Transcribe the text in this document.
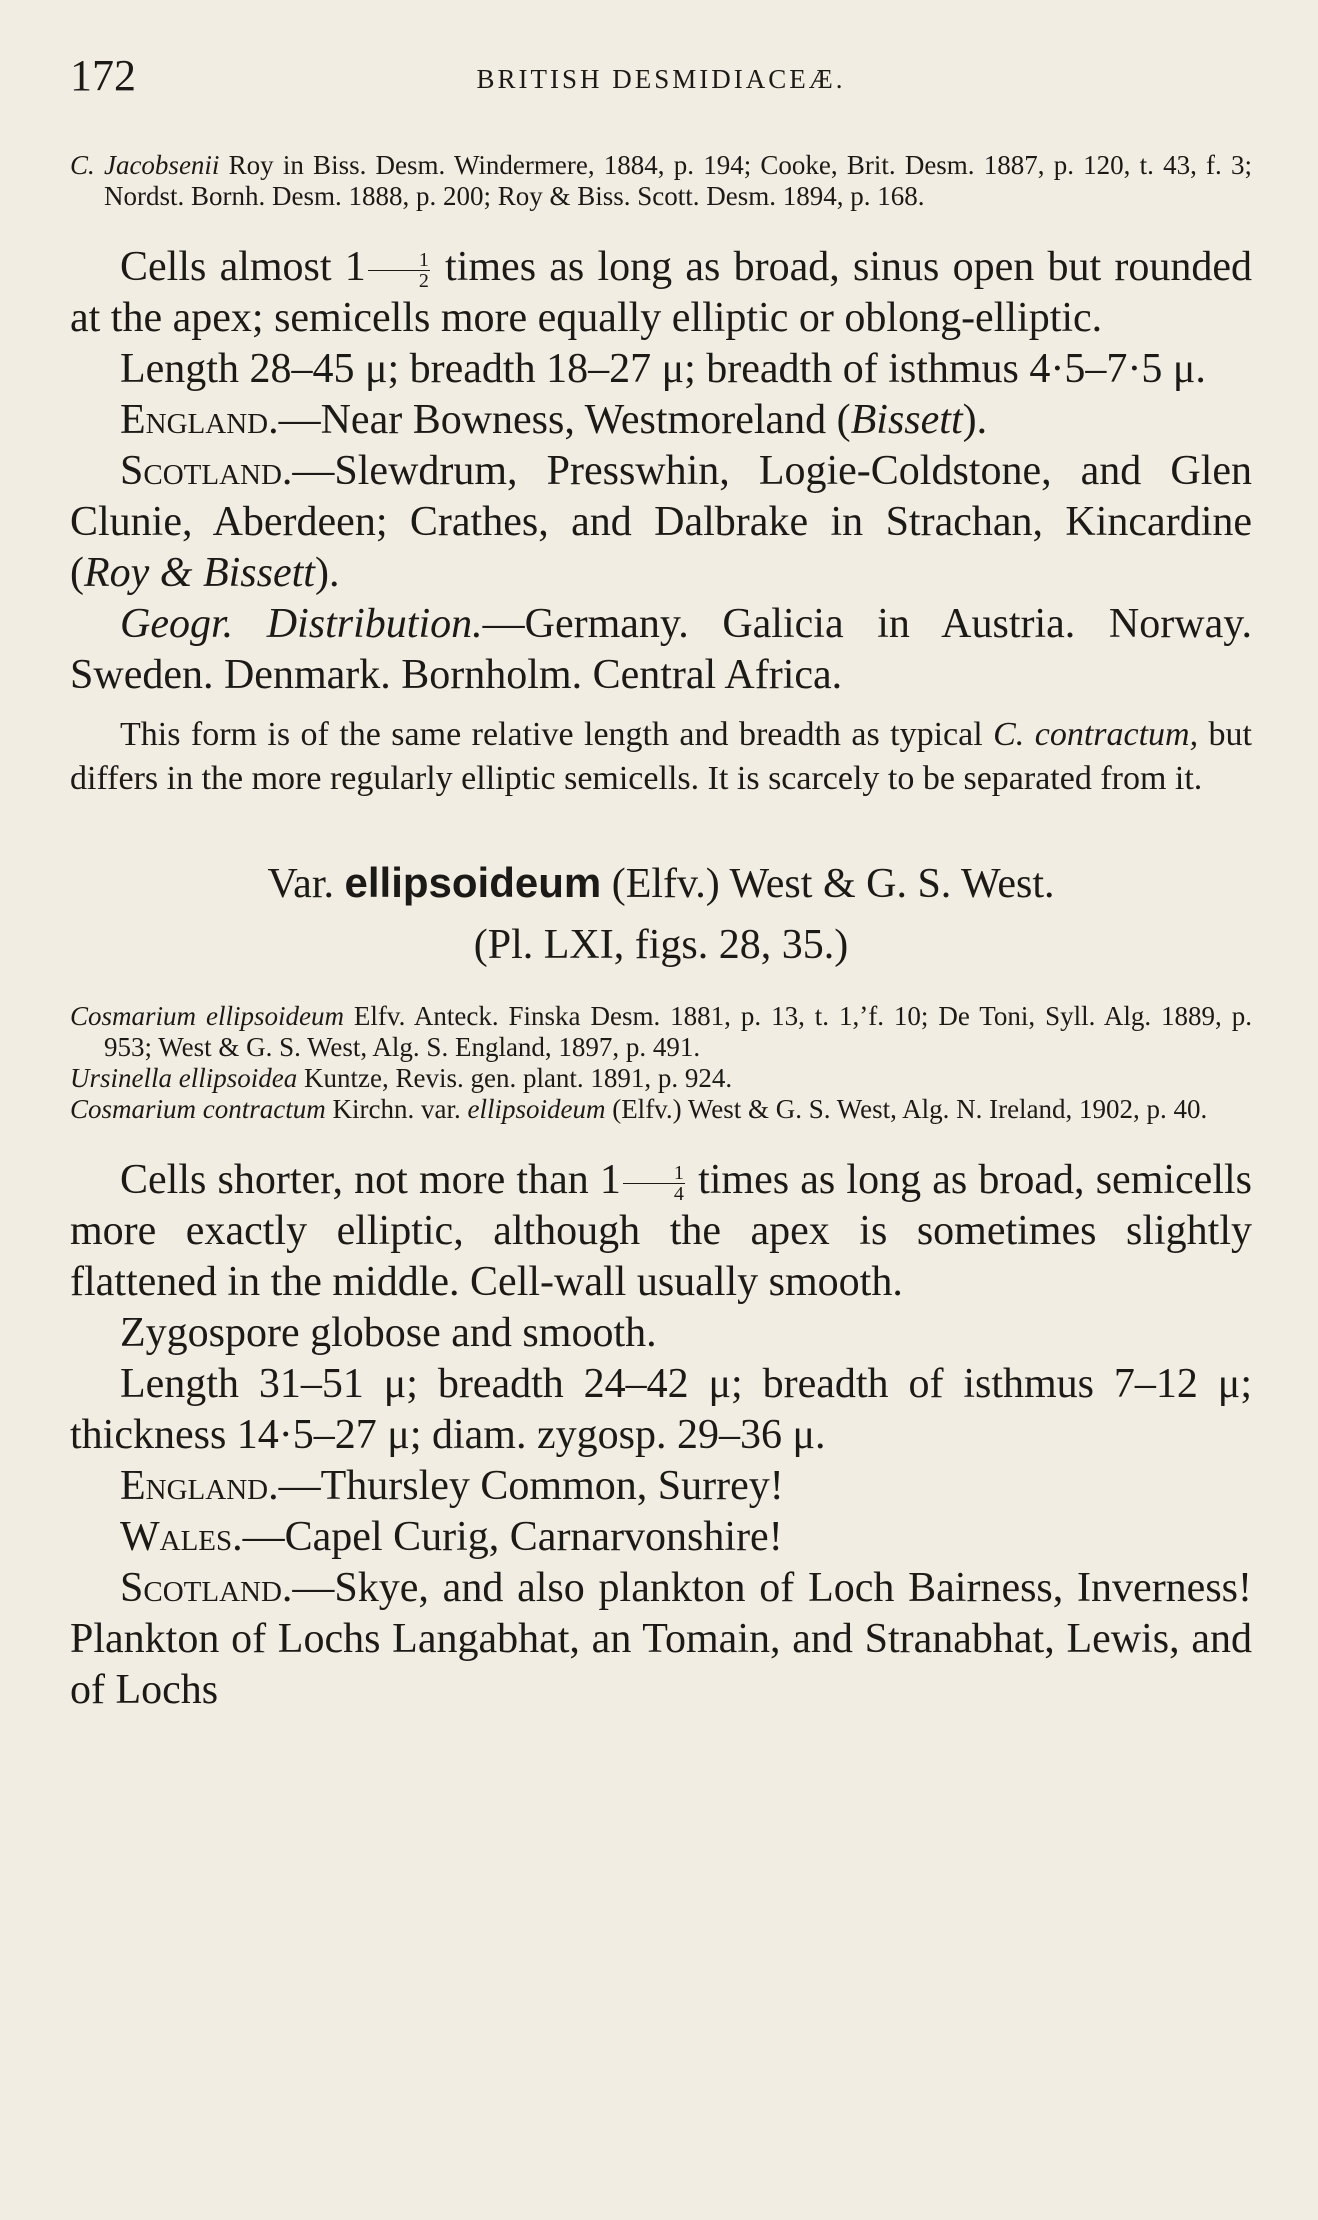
172	BRITISH DESMIDIACEÆ.

C. Jacobsenii Roy in Biss. Desm. Windermere, 1884, p. 194; Cooke, Brit. Desm. 1887, p. 120, t. 43, f. 3; Nordst. Bornh. Desm. 1888, p. 200; Roy & Biss. Scott. Desm. 1894, p. 168.

Cells almost $1 \frac{1}{2}$ times as long as broad, sinus open but rounded at the apex; semicells more equally elliptic or oblong-elliptic.

Length 28–45 μ; breadth 18–27 μ; breadth of isthmus 4·5–7·5 μ.

England.—Near Bowness, Westmoreland (Bissett).

Scotland.—Slewdrum, Presswhin, Logie-Coldstone, and Glen Clunie, Aberdeen; Crathes, and Dalbrake in Strachan, Kincardine (Roy & Bissett).

Geogr. Distribution.—Germany. Galicia in Austria. Norway. Sweden. Denmark. Bornholm. Central Africa.

This form is of the same relative length and breadth as typical C. contractum, but differs in the more regularly elliptic semicells. It is scarcely to be separated from it.

Var. ellipsoideum (Elfv.) West & G. S. West.

(Pl. LXI, figs. 28, 35.)

Cosmarium ellipsoideum Elfv. Anteck. Finska Desm. 1881, p. 13, t. 1,ʼf. 10; De Toni, Syll. Alg. 1889, p. 953; West & G. S. West, Alg. S. England, 1897, p. 491.

Ursinella ellipsoidea Kuntze, Revis. gen. plant. 1891, p. 924.

Cosmarium contractum Kirchn. var. ellipsoideum (Elfv.) West & G. S. West, Alg. N. Ireland, 1902, p. 40.

Cells shorter, not more than $1 \frac{1}{4}$ times as long as broad, semicells more exactly elliptic, although the apex is sometimes slightly flattened in the middle. Cell-wall usually smooth.

Zygospore globose and smooth.

Length 31–51 μ; breadth 24–42 μ; breadth of isthmus 7–12 μ; thickness 14·5–27 μ; diam. zygosp. 29–36 μ.

England.—Thursley Common, Surrey!

Wales.—Capel Curig, Carnarvonshire!

Scotland.—Skye, and also plankton of Loch Bairness, Inverness! Plankton of Lochs Langabhat, an Tomain, and Stranabhat, Lewis, and of Lochs
